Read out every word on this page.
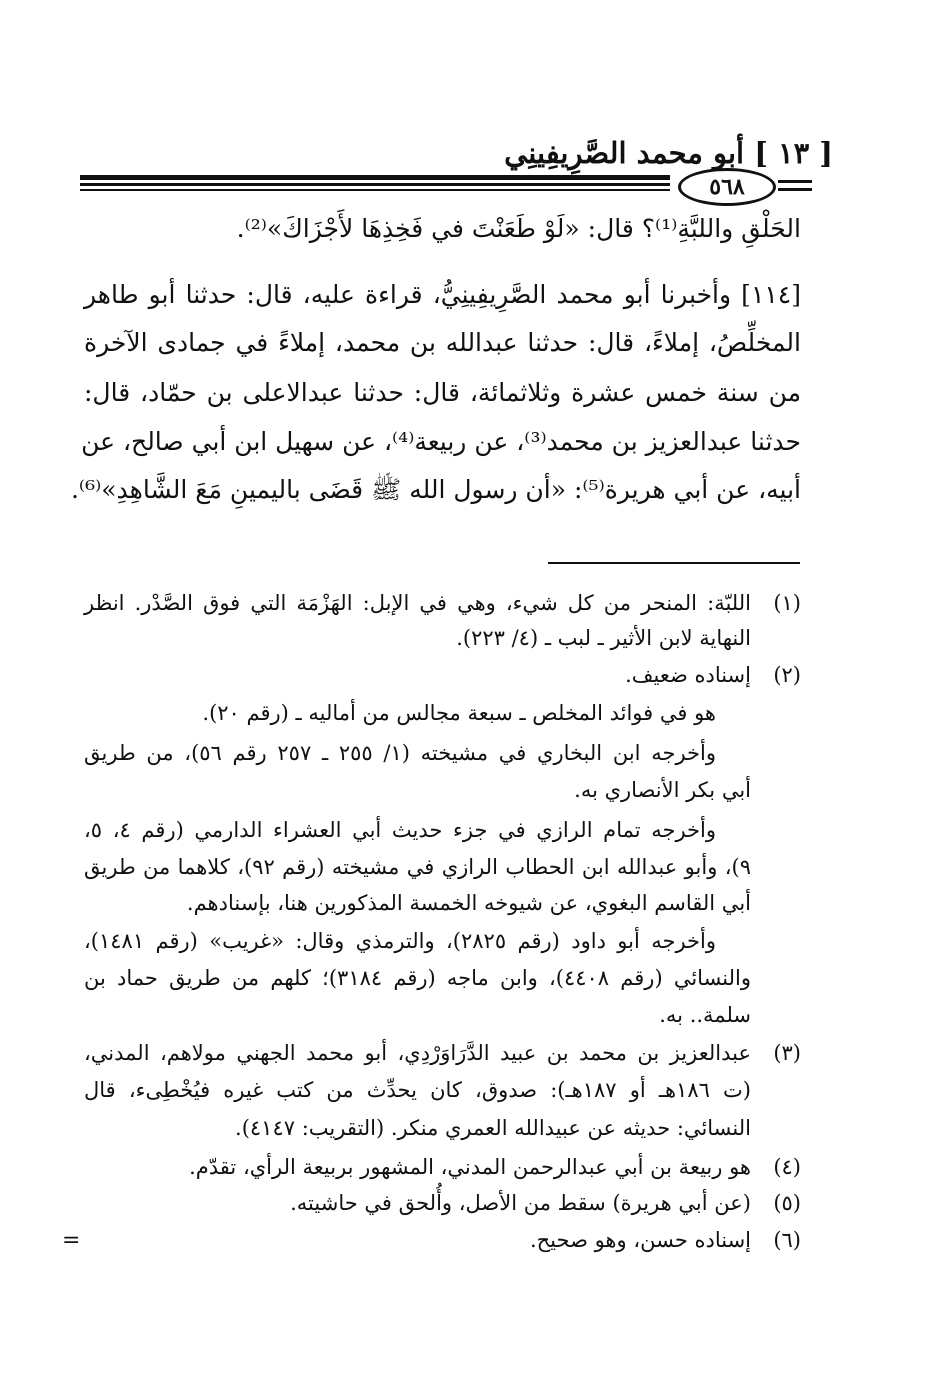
[ ١٣ ] أبو محمد الصَّرِيفِينِي
٥٦٨
الحَلْقِ واللبَّةِ⁽¹⁾؟ قال: «لَوْ طَعَنْتَ في فَخِذِهَا لأَجْزَاكَ»⁽²⁾.
[١١٤] وأخبرنا أبو محمد الصَّرِيفِينِيُّ، قراءة عليه، قال: حدثنا أبو طاهر
المخلِّصُ، إملاءً، قال: حدثنا عبدالله بن محمد، إملاءً في جمادى الآخرة
من سنة خمس عشرة وثلاثمائة، قال: حدثنا عبدالاعلى بن حمّاد، قال:
حدثنا عبدالعزيز بن محمد⁽³⁾، عن ربيعة⁽⁴⁾، عن سهيل ابن أبي صالح، عن
أبيه، عن أبي هريرة⁽⁵⁾: «أن رسول الله ﷺ قَضَى باليمينِ مَعَ الشَّاهِدِ»⁽⁶⁾.
(١)
اللبّة: المنحر من كل شيء، وهي في الإبل: الهَزْمَة التي فوق الصَّدْر. انظر
النهاية لابن الأثير ـ لبب ـ (٤/ ٢٢٣).
(٢)
إسناده ضعيف.
هو في فوائد المخلص ـ سبعة مجالس من أماليه ـ (رقم ٢٠).
وأخرجه ابن البخاري في مشيخته (١/ ٢٥٥ ـ ٢٥٧ رقم ٥٦)، من طريق
أبي بكر الأنصاري به.
وأخرجه تمام الرازي في جزء حديث أبي العشراء الدارمي (رقم ٤، ٥،
٩)، وأبو عبدالله ابن الحطاب الرازي في مشيخته (رقم ٩٢)، كلاهما من طريق
أبي القاسم البغوي، عن شيوخه الخمسة المذكورين هنا، بإسنادهم.
وأخرجه أبو داود (رقم ٢٨٢٥)، والترمذي وقال: «غريب» (رقم ١٤٨١)،
والنسائي (رقم ٤٤٠٨)، وابن ماجه (رقم ٣١٨٤)؛ كلهم من طريق حماد بن
سلمة.. به.
(٣)
عبدالعزيز بن محمد بن عبيد الدَّرَاوَرْدِي، أبو محمد الجهني مولاهم، المدني،
(ت ١٨٦هـ أو ١٨٧هـ): صدوق، كان يحدِّث من كتب غيره فيُخْطِىء، قال
النسائي: حديثه عن عبيدالله العمري منكر. (التقريب: ٤١٤٧).
(٤)
هو ربيعة بن أبي عبدالرحمن المدني، المشهور بربيعة الرأي، تقدّم.
(٥)
(عن أبي هريرة) سقط من الأصل، وأُلحق في حاشيته.
(٦)
إسناده حسن، وهو صحيح.
=
